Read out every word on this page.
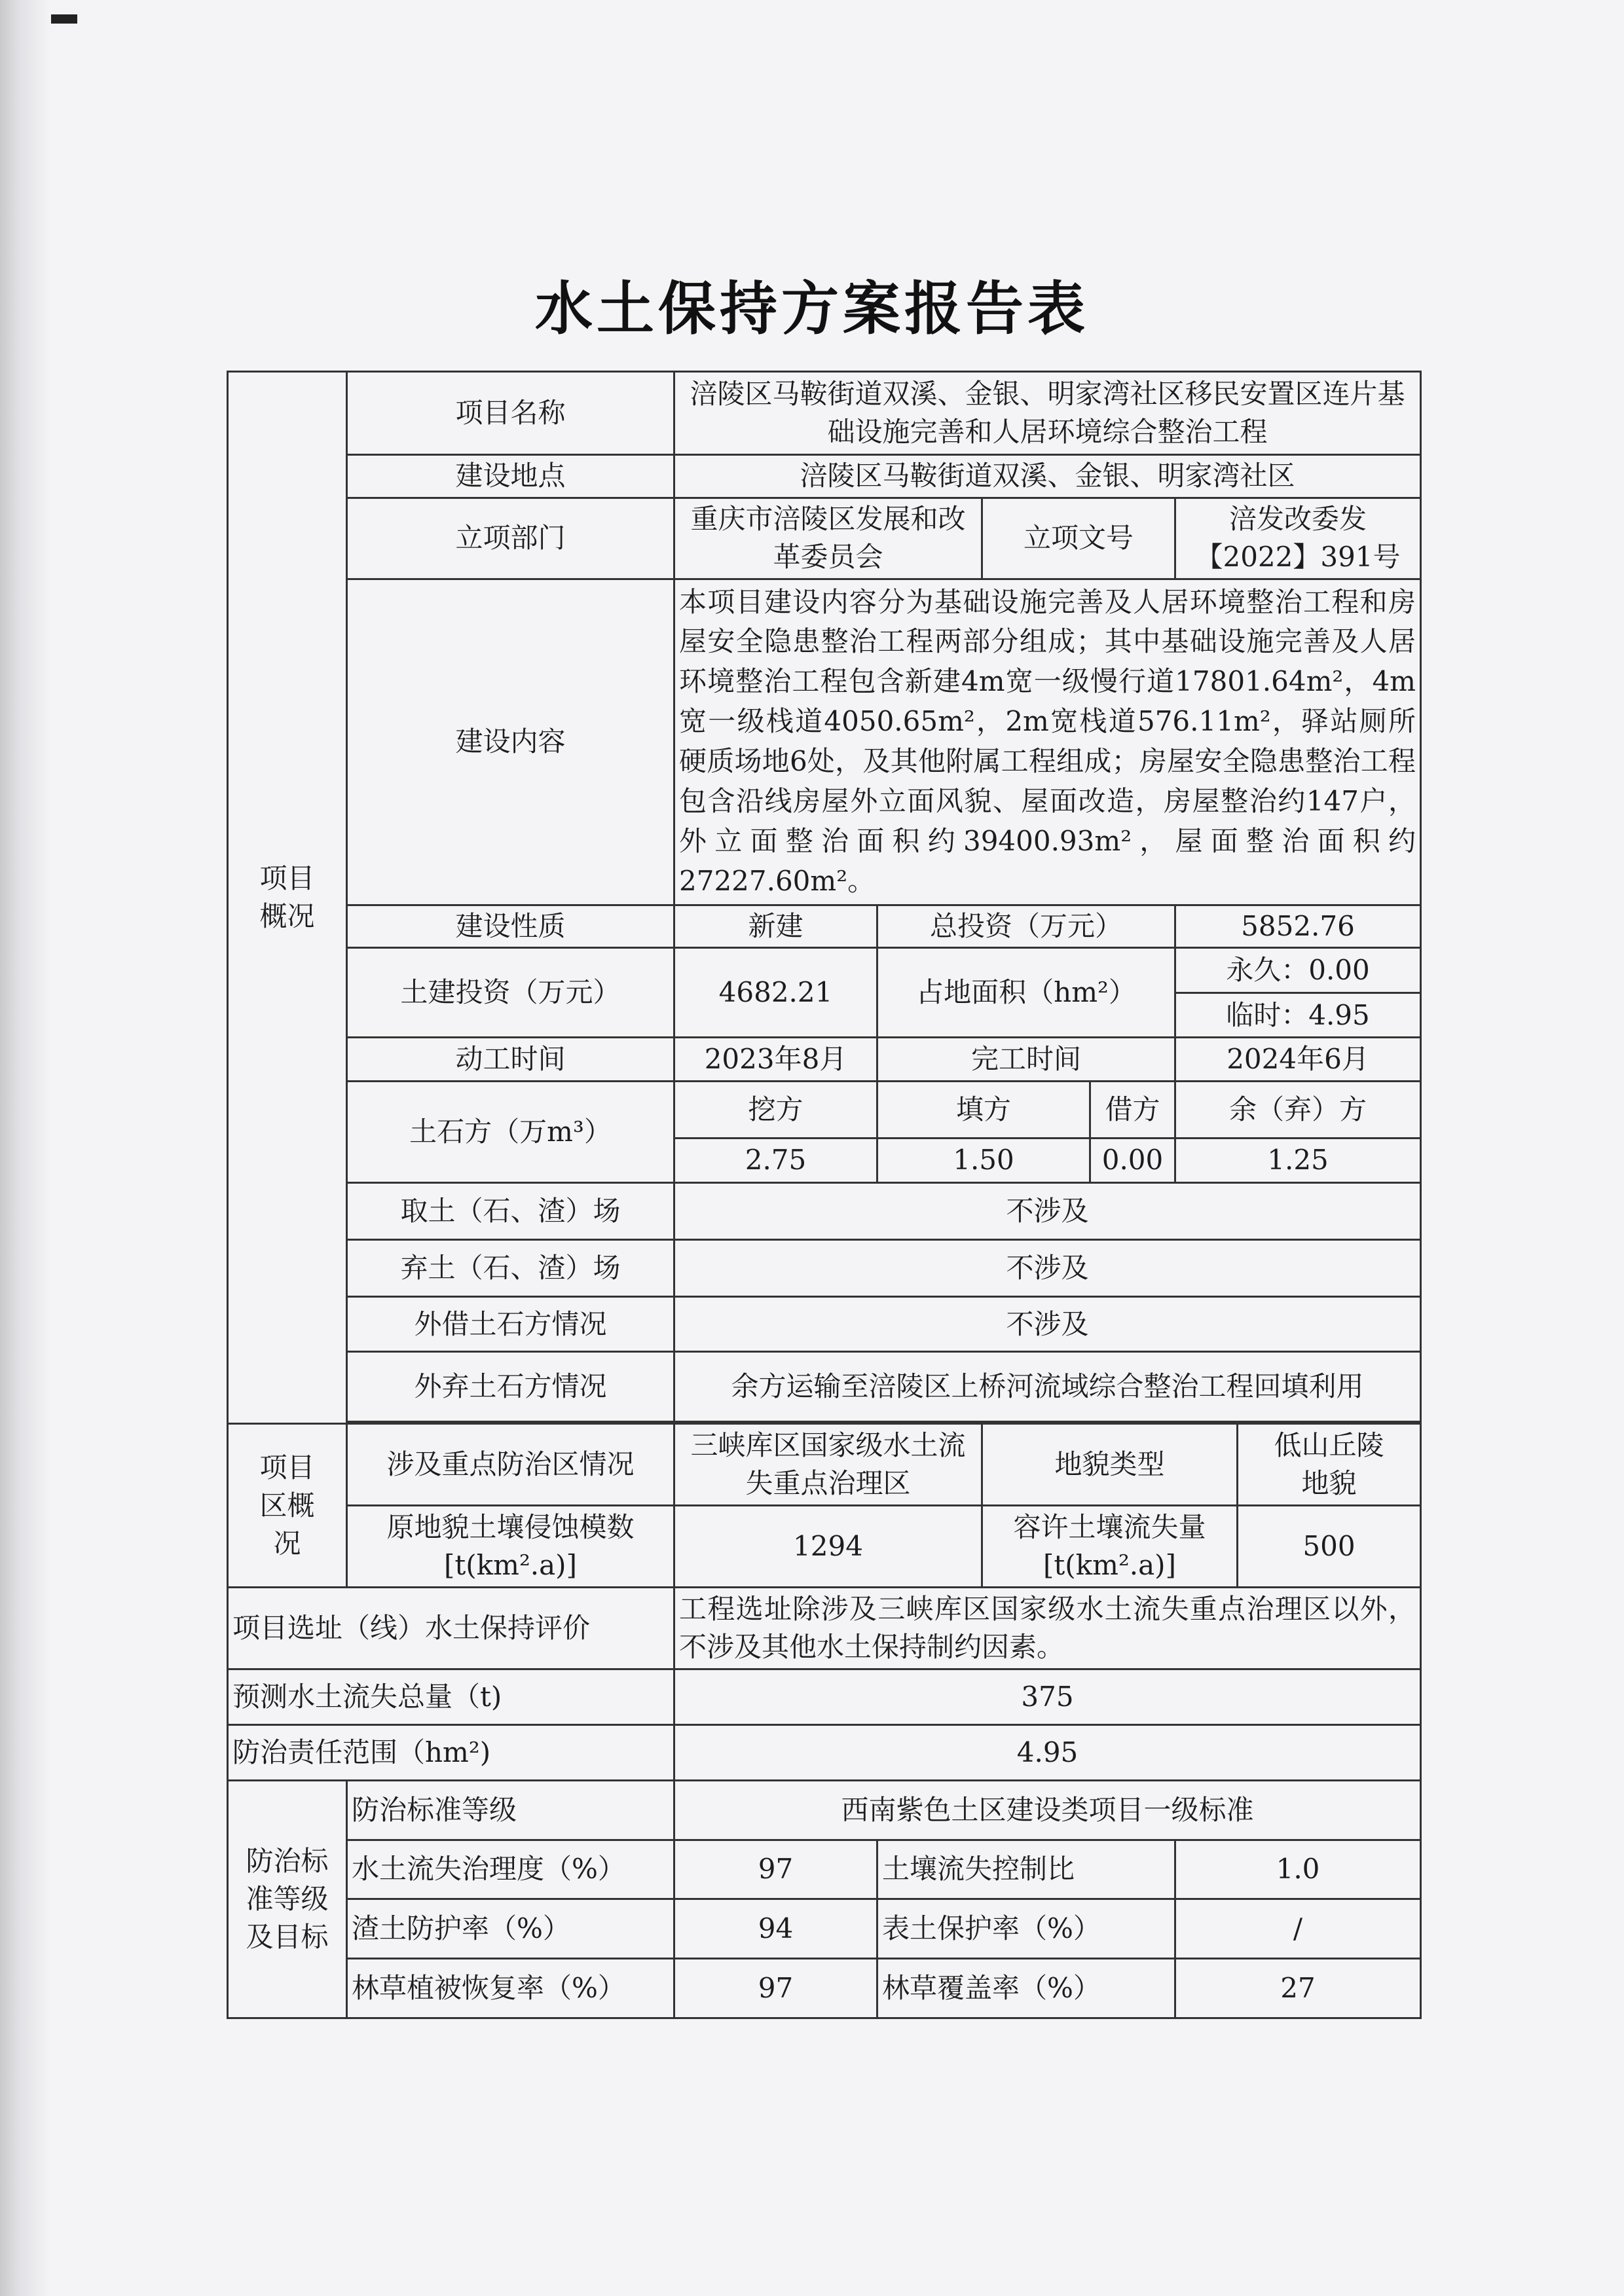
水土保持方案报告表
项目概况	项目名称	涪陵区马鞍街道双溪、金银、明家湾社区移民安置区连片基础设施完善和人居环境综合整治工程					
	建设地点	涪陵区马鞍街道双溪、金银、明家湾社区					
	立项部门	重庆市涪陵区发展和改革委员会		立项文号		涪发改委发【2022】391号	
	建设内容	本项目建设内容分为基础设施完善及人居环境整治工程和房屋安全隐患整治工程两部分组成；其中基础设施完善及人居环境整治工程包含新建4m宽一级慢行道17801.64m²，4m宽一级栈道4050.65m²，2m宽栈道576.11m²，驿站厕所硬质场地6处，及其他附属工程组成；房屋安全隐患整治工程包含沿线房屋外立面风貌、屋面改造，房屋整治约147户，外立面整治面积约39400.93m²，屋面整治面积约27227.60m²。					
	建设性质	新建	总投资（万元）			5852.76	
	土建投资（万元）	4682.21	占地面积（hm²）			永久：0.00	
						临时：4.95	
	动工时间	2023年8月	完工时间			2024年6月	
	土石方（万m³）	挖方	填方		借方	余（弃）方	
		2.75	1.50		0.00	1.25	
	取土（石、渣）场	不涉及					
	弃土（石、渣）场	不涉及					
	外借土石方情况	不涉及					
	外弃土石方情况	余方运输至涪陵区上桥河流域综合整治工程回填利用					

项目区概况	涉及重点防治区情况	三峡库区国家级水土流失重点治理区		地貌类型			低山丘陵地貌
	原地貌土壤侵蚀模数[t(km².a)]	1294		容许土壤流失量[t(km².a)]			500
项目选址（线）水土保持评价		工程选址除涉及三峡库区国家级水土流失重点治理区以外，不涉及其他水土保持制约因素。					
预测水土流失总量（t)		375					
防治责任范围（hm²)		4.95					
防治标准等级及目标	防治标准等级	西南紫色土区建设类项目一级标准					
	水土流失治理度（%）	97	土壤流失控制比			1.0	
	渣土防护率（%）	94	表土保护率（%）			/	
	林草植被恢复率（%）	97	林草覆盖率（%）			27	
